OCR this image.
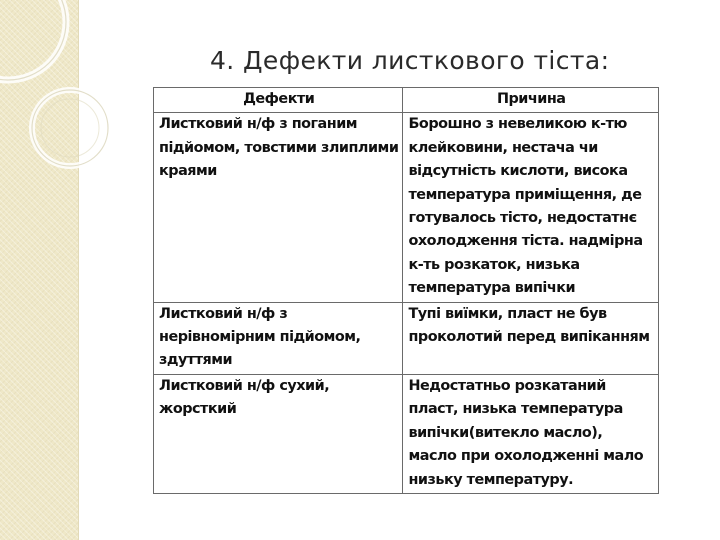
4. Дефекти листкового тіста:
Дефекти	Причина
Листковий н/ф з поганим підйомом, товстими злиплими краями	Борошно з невеликою к-тю клейковини, нестача чи відсутність кислоти, висока температура приміщення, де готувалось тісто, недостатнє охолодження тіста. надмірна к-ть розкаток, низька температура випічки
Листковий н/ф з нерівномірним підйомом, здуттями	Тупі виїмки, пласт не був проколотий перед випіканням
Листковий н/ф сухий, жорсткий	Недостатньо розкатаний пласт, низька температура випічки(витекло масло), масло при охолодженні мало низьку температуру.
